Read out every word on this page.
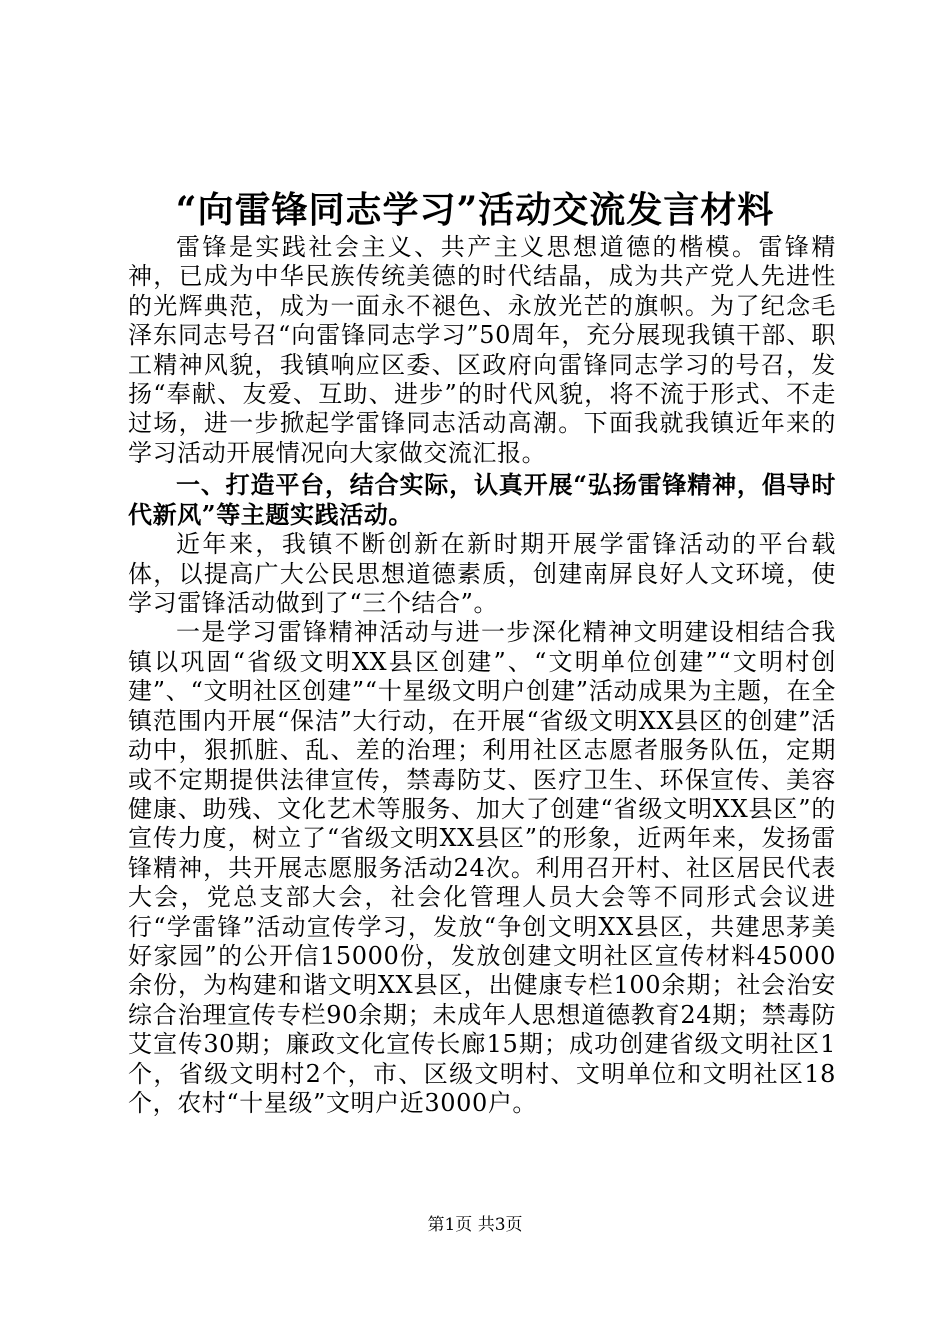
“向雷锋同志学习”活动交流发言材料

雷锋是实践社会主义、共产主义思想道德的楷模。雷锋精神，已成为中华民族传统美德的时代结晶，成为共产党人先进性的光辉典范，成为一面永不褪色、永放光芒的旗帜。为了纪念毛泽东同志号召“向雷锋同志学习”50周年，充分展现我镇干部、职工精神风貌，我镇响应区委、区政府向雷锋同志学习的号召，发扬“奉献、友爱、互助、进步”的时代风貌，将不流于形式、不走过场，进一步掀起学雷锋同志活动高潮。下面我就我镇近年来的学习活动开展情况向大家做交流汇报。

一、打造平台，结合实际，认真开展“弘扬雷锋精神，倡导时代新风”等主题实践活动。

近年来，我镇不断创新在新时期开展学雷锋活动的平台载体，以提高广大公民思想道德素质，创建南屏良好人文环境，使学习雷锋活动做到了“三个结合”。

一是学习雷锋精神活动与进一步深化精神文明建设相结合我镇以巩固“省级文明XX县区创建”、“文明单位创建”“文明村创建”、“文明社区创建”“十星级文明户创建”活动成果为主题，在全镇范围内开展“保洁”大行动，在开展“省级文明XX县区的创建”活动中，狠抓脏、乱、差的治理；利用社区志愿者服务队伍，定期或不定期提供法律宣传，禁毒防艾、医疗卫生、环保宣传、美容健康、助残、文化艺术等服务、加大了创建“省级文明XX县区”的宣传力度，树立了“省级文明XX县区”的形象，近两年来，发扬雷锋精神，共开展志愿服务活动24次。利用召开村、社区居民代表大会，党总支部大会，社会化管理人员大会等不同形式会议进行“学雷锋”活动宣传学习，发放“争创文明XX县区，共建思茅美好家园”的公开信15000份，发放创建文明社区宣传材料45000余份，为构建和谐文明XX县区，出健康专栏100余期；社会治安综合治理宣传专栏90余期；未成年人思想道德教育24期；禁毒防艾宣传30期；廉政文化宣传长廊15期；成功创建省级文明社区1个，省级文明村2个，市、区级文明村、文明单位和文明社区18个，农村“十星级”文明户近3000户。

第1页 共3页
